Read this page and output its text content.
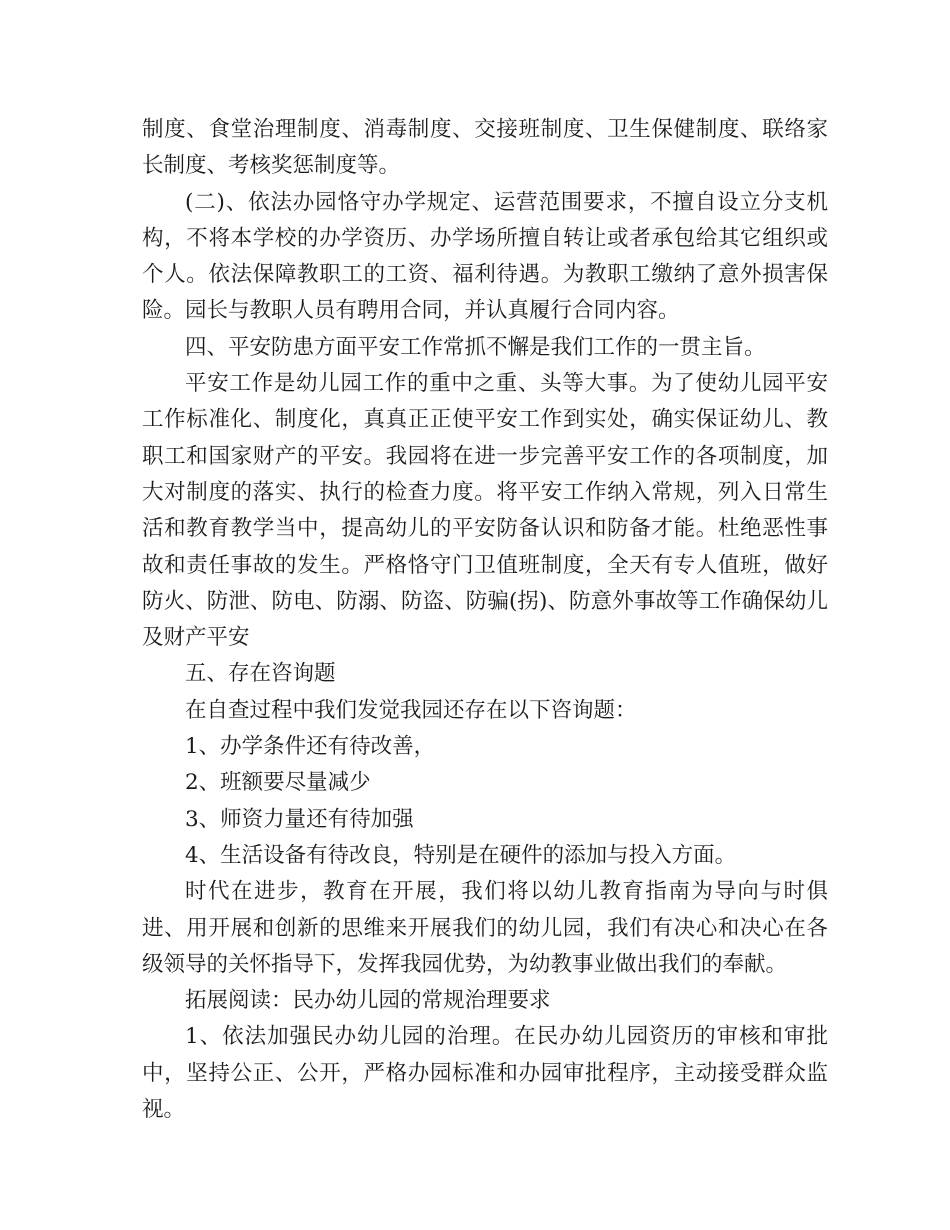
制度、食堂治理制度、消毒制度、交接班制度、卫生保健制度、联络家长制度、考核奖惩制度等。

(二)、依法办园恪守办学规定、运营范围要求，不擅自设立分支机构，不将本学校的办学资历、办学场所擅自转让或者承包给其它组织或个人。依法保障教职工的工资、福利待遇。为教职工缴纳了意外损害保险。园长与教职人员有聘用合同，并认真履行合同内容。

四、平安防患方面平安工作常抓不懈是我们工作的一贯主旨。

平安工作是幼儿园工作的重中之重、头等大事。为了使幼儿园平安工作标准化、制度化，真真正正使平安工作到实处，确实保证幼儿、教职工和国家财产的平安。我园将在进一步完善平安工作的各项制度，加大对制度的落实、执行的检查力度。将平安工作纳入常规，列入日常生活和教育教学当中，提高幼儿的平安防备认识和防备才能。杜绝恶性事故和责任事故的发生。严格恪守门卫值班制度，全天有专人值班，做好防火、防泄、防电、防溺、防盗、防骗(拐)、防意外事故等工作确保幼儿及财产平安

五、存在咨询题

在自查过程中我们发觉我园还存在以下咨询题：

1、办学条件还有待改善，

2、班额要尽量减少

3、师资力量还有待加强

4、生活设备有待改良，特别是在硬件的添加与投入方面。

时代在进步，教育在开展，我们将以幼儿教育指南为导向与时俱进、用开展和创新的思维来开展我们的幼儿园，我们有决心和决心在各级领导的关怀指导下，发挥我园优势，为幼教事业做出我们的奉献。

拓展阅读：民办幼儿园的常规治理要求

1、依法加强民办幼儿园的治理。在民办幼儿园资历的审核和审批中，坚持公正、公开，严格办园标准和办园审批程序，主动接受群众监视。
